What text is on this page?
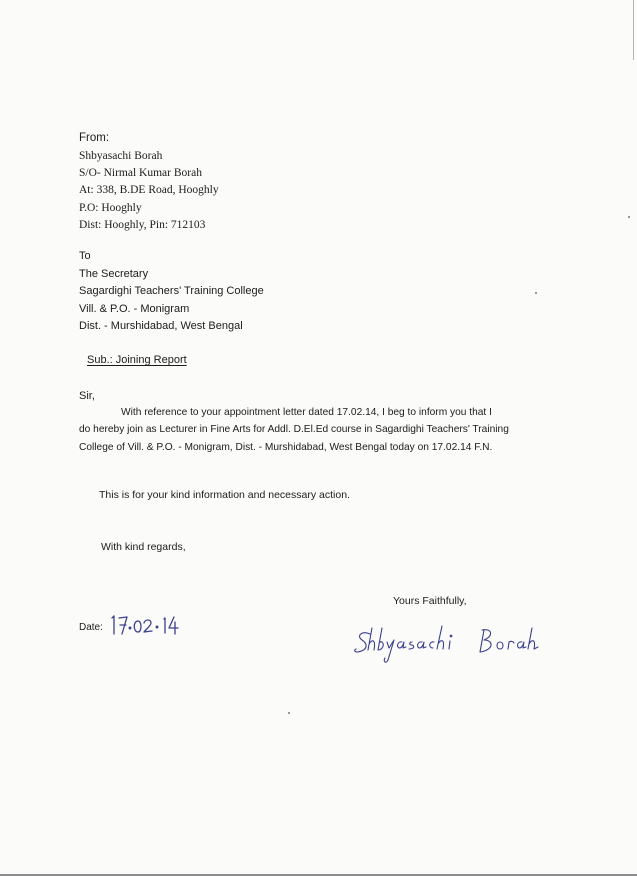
From:
Shbyasachi Borah
S/O- Nirmal Kumar Borah
At: 338, B.DE Road, Hooghly
P.O: Hooghly
Dist: Hooghly, Pin: 712103
To
The Secretary
Sagardighi Teachers' Training College
Vill. & P.O. - Monigram
Dist. - Murshidabad, West Bengal
Sub.: Joining Report
Sir,
With reference to your appointment letter dated 17.02.14, I beg to inform you that I
do hereby join as Lecturer in Fine Arts for Addl. D.El.Ed course in Sagardighi Teachers' Training
College of Vill. & P.O. - Monigram, Dist. - Murshidabad, West Bengal today on 17.02.14 F.N.
This is for your kind information and necessary action.
With kind regards,
Yours Faithfully,
Date:
